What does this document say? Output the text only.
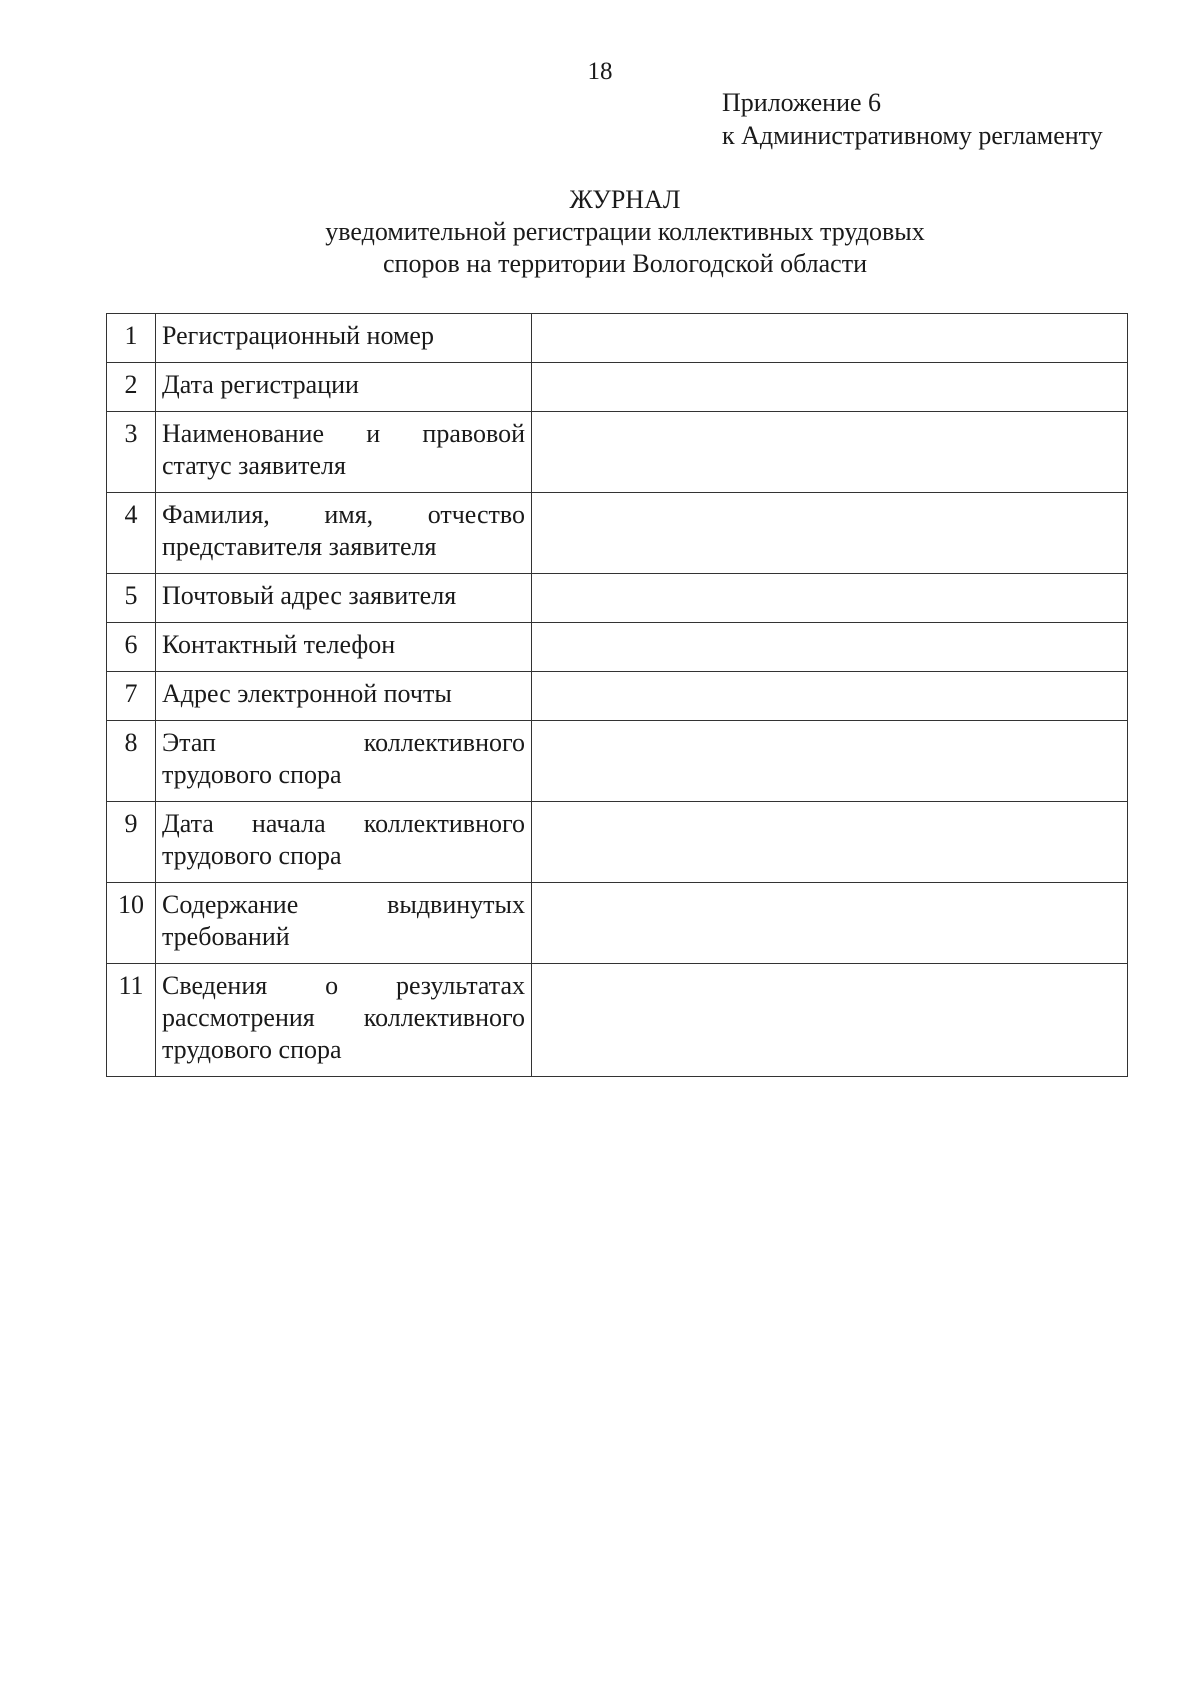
18
Приложение 6
к Административному регламенту
ЖУРНАЛ
уведомительной регистрации коллективных трудовых
споров на территории Вологодской области
1	Регистрационный номер	

2	Дата регистрации	

3	Наименование и правовой
статус заявителя	

4	Фамилия, имя, отчество
представителя заявителя	

5	Почтовый адрес заявителя	

6	Контактный телефон	

7	Адрес электронной почты	

8	Этап коллективного
трудового спора	

9	Дата начала коллективного
трудового спора	

10	Содержание выдвинутых
требований	

11	Сведения о результатах
рассмотрения коллективного
трудового спора	
